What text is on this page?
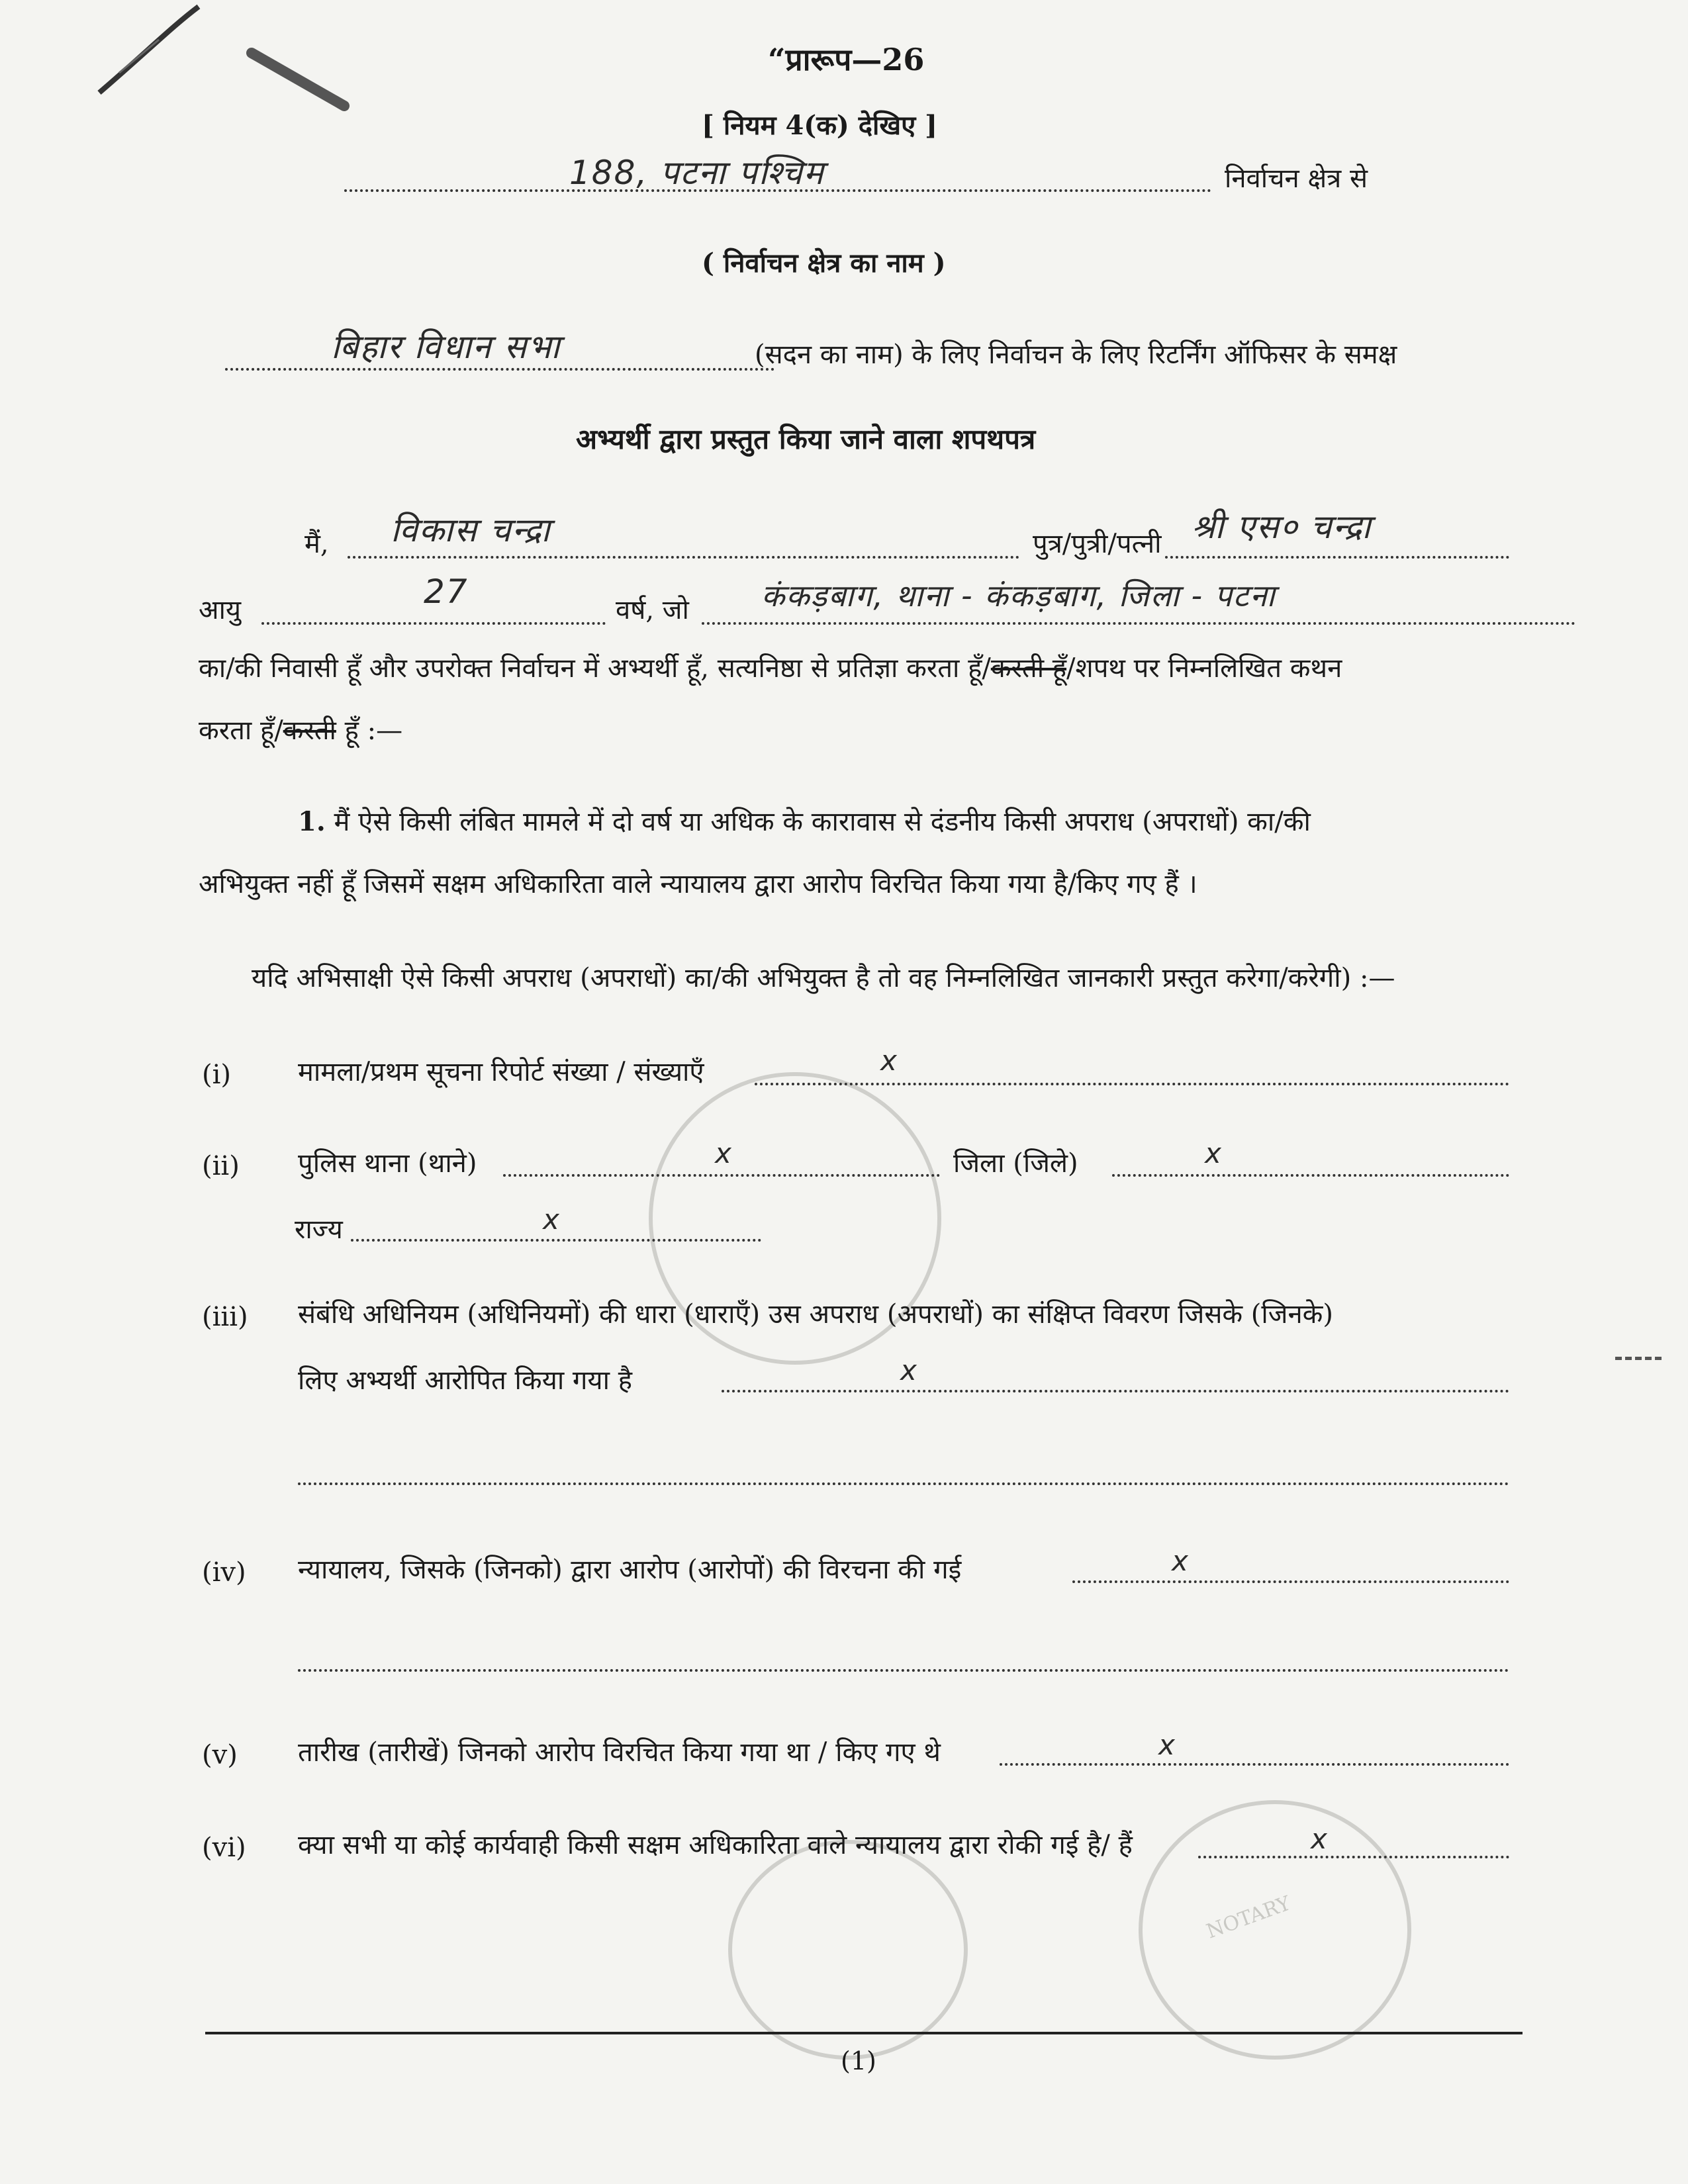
NOTARY
“प्रारूप—26
[ नियम 4(क) देखिए ]
188, पटना पश्चिम	निर्वाचन क्षेत्र से
( निर्वाचन क्षेत्र का नाम )
बिहार विधान सभा	(सदन का नाम) के लिए निर्वाचन के लिए रिटर्निंग ऑफिसर के समक्ष
अभ्यर्थी द्वारा प्रस्तुत किया जाने वाला शपथपत्र
मैं, विकास चन्द्रा	पुत्र/पुत्री/पत्नी श्री एस० चन्द्रा
आयु	27	वर्ष, जो कंकड़बाग, थाना - कंकड़बाग, जिला - पटना
का/की निवासी हूँ और उपरोक्त निर्वाचन में अभ्यर्थी हूँ, सत्यनिष्ठा से प्रतिज्ञा करता हूँ/करती हूँ/शपथ पर निम्नलिखित कथन
करता हूँ/करती हूँ :—
1. मैं ऐसे किसी लंबित मामले में दो वर्ष या अधिक के कारावास से दंडनीय किसी अपराध (अपराधों) का/की
अभियुक्त नहीं हूँ जिसमें सक्षम अधिकारिता वाले न्यायालय द्वारा आरोप विरचित किया गया है/किए गए हैं ।
यदि अभिसाक्षी ऐसे किसी अपराध (अपराधों) का/की अभियुक्त है तो वह निम्नलिखित जानकारी प्रस्तुत करेगा/करेगी) :—
(i)	मामला/प्रथम सूचना रिपोर्ट संख्या / संख्याएँ	x
(ii) पुलिस थाना (थाने)	x	जिला (जिले)	x
राज्य	x
(iii) संबंधि अधिनियम (अधिनियमों) की धारा (धाराएँ) उस अपराध (अपराधों) का संक्षिप्त विवरण जिसके (जिनके)
लिए अभ्यर्थी आरोपित किया गया है	x
(iv) न्यायालय, जिसके (जिनको) द्वारा आरोप (आरोपों) की विरचना की गई	x
(v) तारीख (तारीखें) जिनको आरोप विरचित किया गया था / किए गए थे	x
(vi) क्या सभी या कोई कार्यवाही किसी सक्षम अधिकारिता वाले न्यायालय द्वारा रोकी गई है/ हैं	x
(1)
